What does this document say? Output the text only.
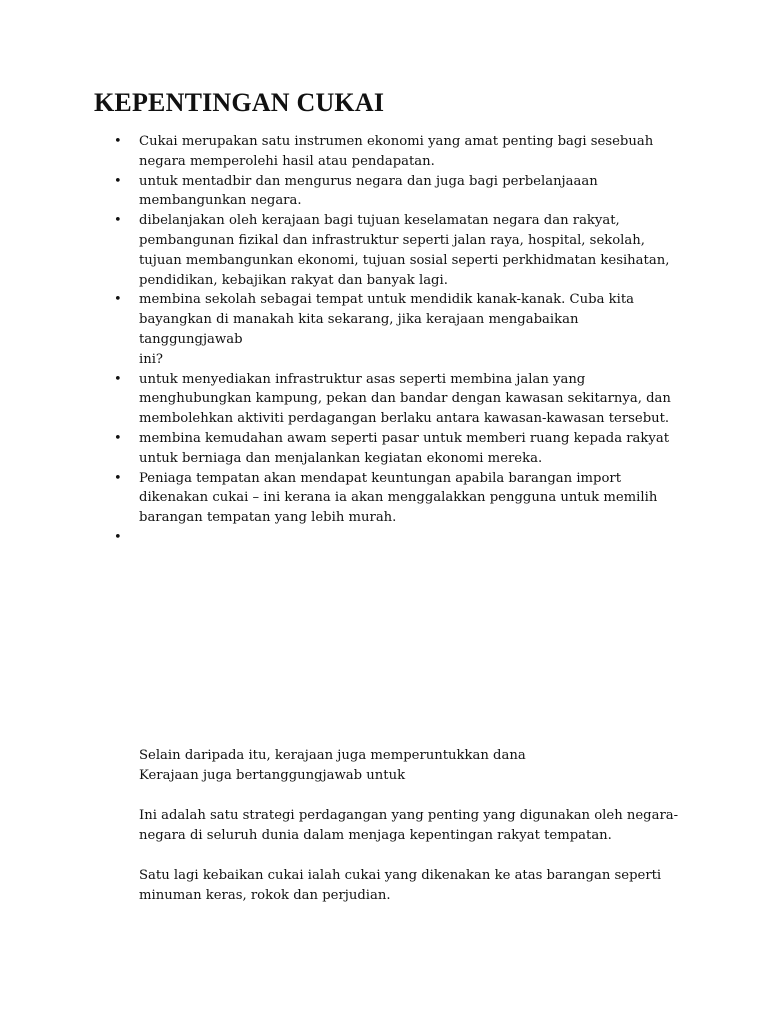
KEPENTINGAN CUKAI
•	Cukai merupakan satu instrumen ekonomi yang amat penting bagi sesebuah
negara memperolehi hasil atau pendapatan.
•	untuk mentadbir dan mengurus negara dan juga bagi perbelanjaaan
membangunkan negara.
•	dibelanjakan oleh kerajaan bagi tujuan keselamatan negara dan rakyat,
pembangunan fizikal dan infrastruktur seperti jalan raya, hospital, sekolah,
tujuan membangunkan ekonomi, tujuan sosial seperti perkhidmatan kesihatan,
pendidikan, kebajikan rakyat dan banyak lagi.
•	membina sekolah sebagai tempat untuk mendidik kanak-kanak. Cuba kita
bayangkan di manakah kita sekarang, jika kerajaan mengabaikan tanggungjawab
ini?
•	untuk menyediakan infrastruktur asas seperti membina jalan yang
menghubungkan kampung, pekan dan bandar dengan kawasan sekitarnya, dan
membolehkan aktiviti perdagangan berlaku antara kawasan-kawasan tersebut.
•	membina kemudahan awam seperti pasar untuk memberi ruang kepada rakyat
untuk berniaga dan menjalankan kegiatan ekonomi mereka.
•	Peniaga tempatan akan mendapat keuntungan apabila barangan import
dikenakan cukai – ini kerana ia akan menggalakkan pengguna untuk memilih
barangan tempatan yang lebih murah.
•

Selain daripada itu, kerajaan juga memperuntukkan dana

Kerajaan juga bertanggungjawab untuk

Ini adalah satu strategi perdagangan yang penting yang digunakan oleh negara-

negara di seluruh dunia dalam menjaga kepentingan rakyat tempatan.

Satu lagi kebaikan cukai ialah cukai yang dikenakan ke atas barangan seperti

minuman keras, rokok dan perjudian.
